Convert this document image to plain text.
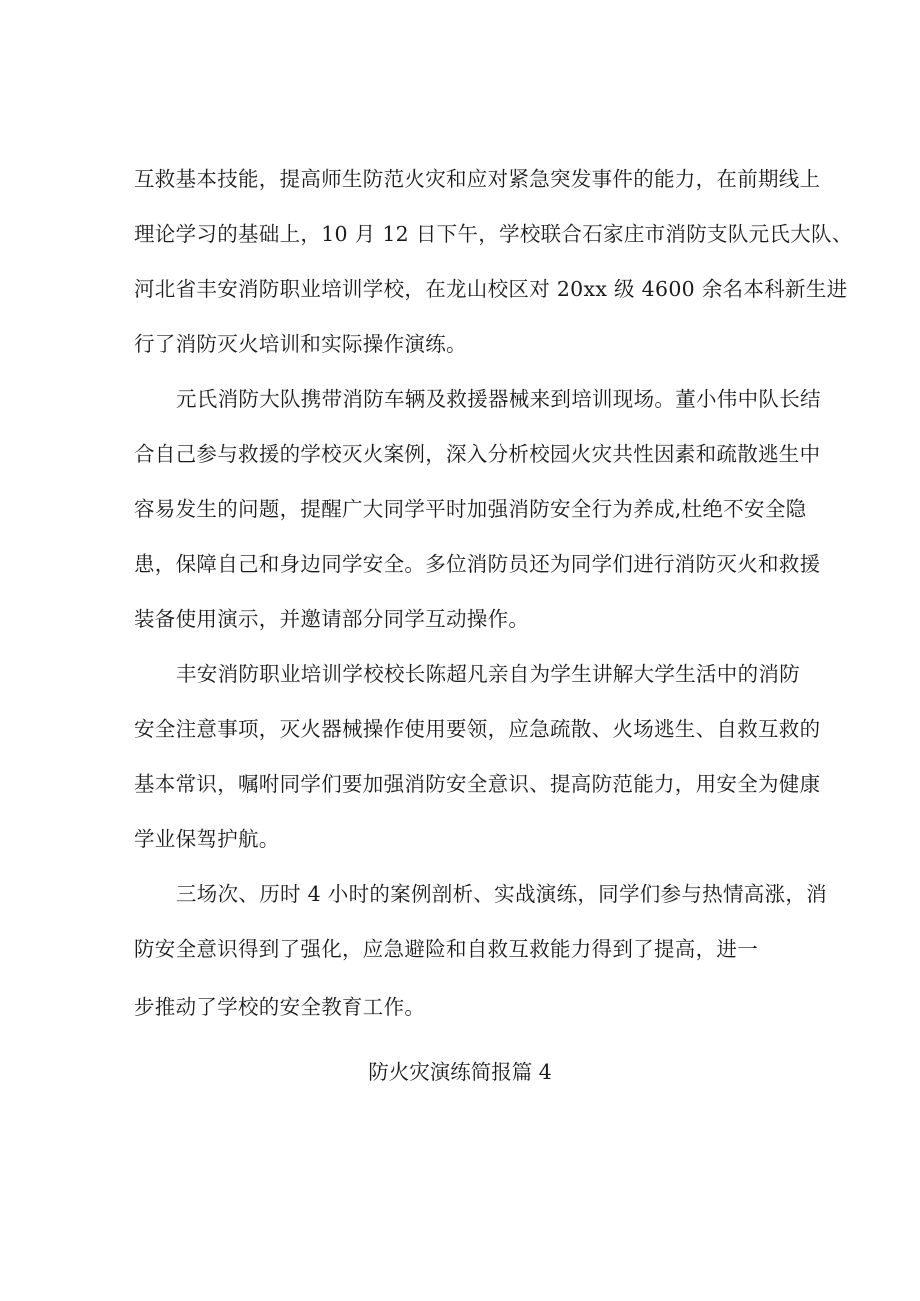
互救基本技能，提高师生防范火灾和应对紧急突发事件的能力，在前期线上
理论学习的基础上，10 月 12 日下午，学校联合石家庄市消防支队元氏大队、
河北省丰安消防职业培训学校，在龙山校区对 20xx 级 4600 余名本科新生进
行了消防灭火培训和实际操作演练。
元氏消防大队携带消防车辆及救援器械来到培训现场。董小伟中队长结
合自己参与救援的学校灭火案例，深入分析校园火灾共性因素和疏散逃生中
容易发生的问题，提醒广大同学平时加强消防安全行为养成,杜绝不安全隐
患，保障自己和身边同学安全。多位消防员还为同学们进行消防灭火和救援
装备使用演示，并邀请部分同学互动操作。
丰安消防职业培训学校校长陈超凡亲自为学生讲解大学生活中的消防
安全注意事项，灭火器械操作使用要领，应急疏散、火场逃生、自救互救的
基本常识，嘱咐同学们要加强消防安全意识、提高防范能力，用安全为健康
学业保驾护航。
三场次、历时 4 小时的案例剖析、实战演练，同学们参与热情高涨，消
防安全意识得到了强化，应急避险和自救互救能力得到了提高，进一
步推动了学校的安全教育工作。
防火灾演练简报篇 4
